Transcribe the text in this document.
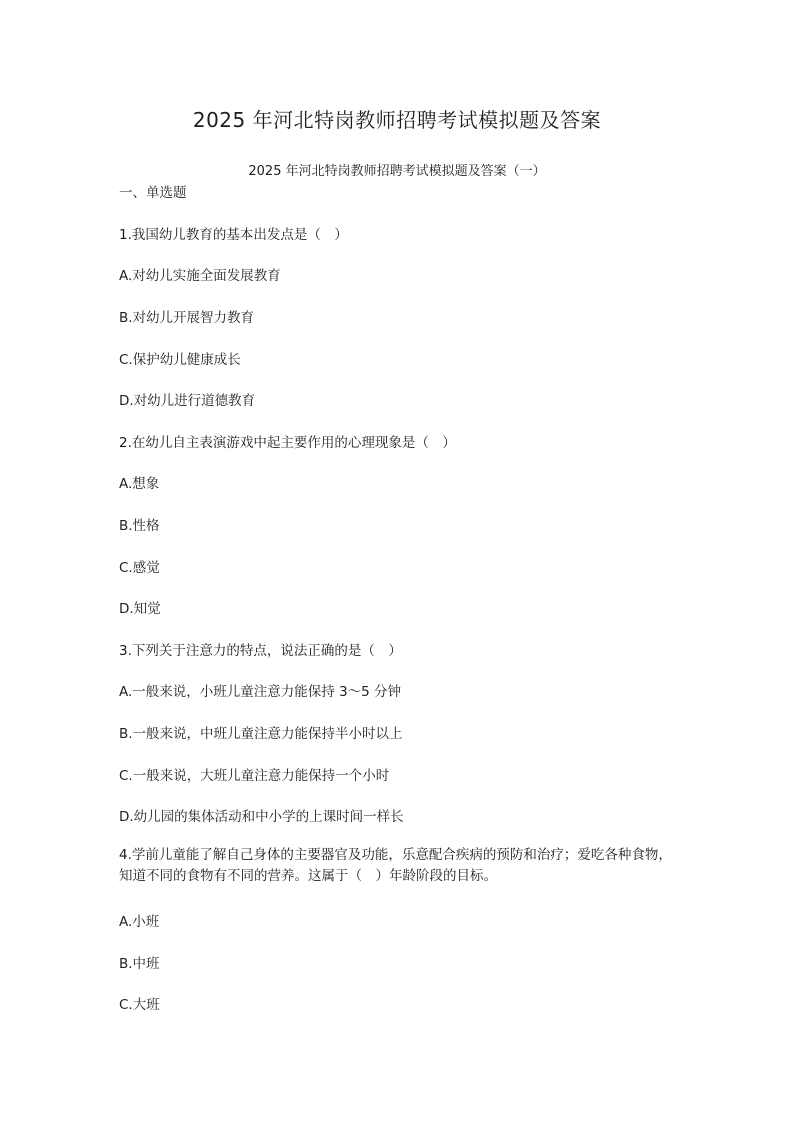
2025 年河北特岗教师招聘考试模拟题及答案
2025 年河北特岗教师招聘考试模拟题及答案（一）
一、单选题
1.我国幼儿教育的基本出发点是（　）
A.对幼儿实施全面发展教育
B.对幼儿开展智力教育
C.保护幼儿健康成长
D.对幼儿进行道德教育
2.在幼儿自主表演游戏中起主要作用的心理现象是（　）
A.想象
B.性格
C.感觉
D.知觉
3.下列关于注意力的特点，说法正确的是（　）
A.一般来说，小班儿童注意力能保持 3～5 分钟
B.一般来说，中班儿童注意力能保持半小时以上
C.一般来说，大班儿童注意力能保持一个小时
D.幼儿园的集体活动和中小学的上课时间一样长
4.学前儿童能了解自己身体的主要器官及功能，乐意配合疾病的预防和治疗；爱吃各种食物，知道不同的食物有不同的营养。这属于（　）年龄阶段的目标。
A.小班
B.中班
C.大班
